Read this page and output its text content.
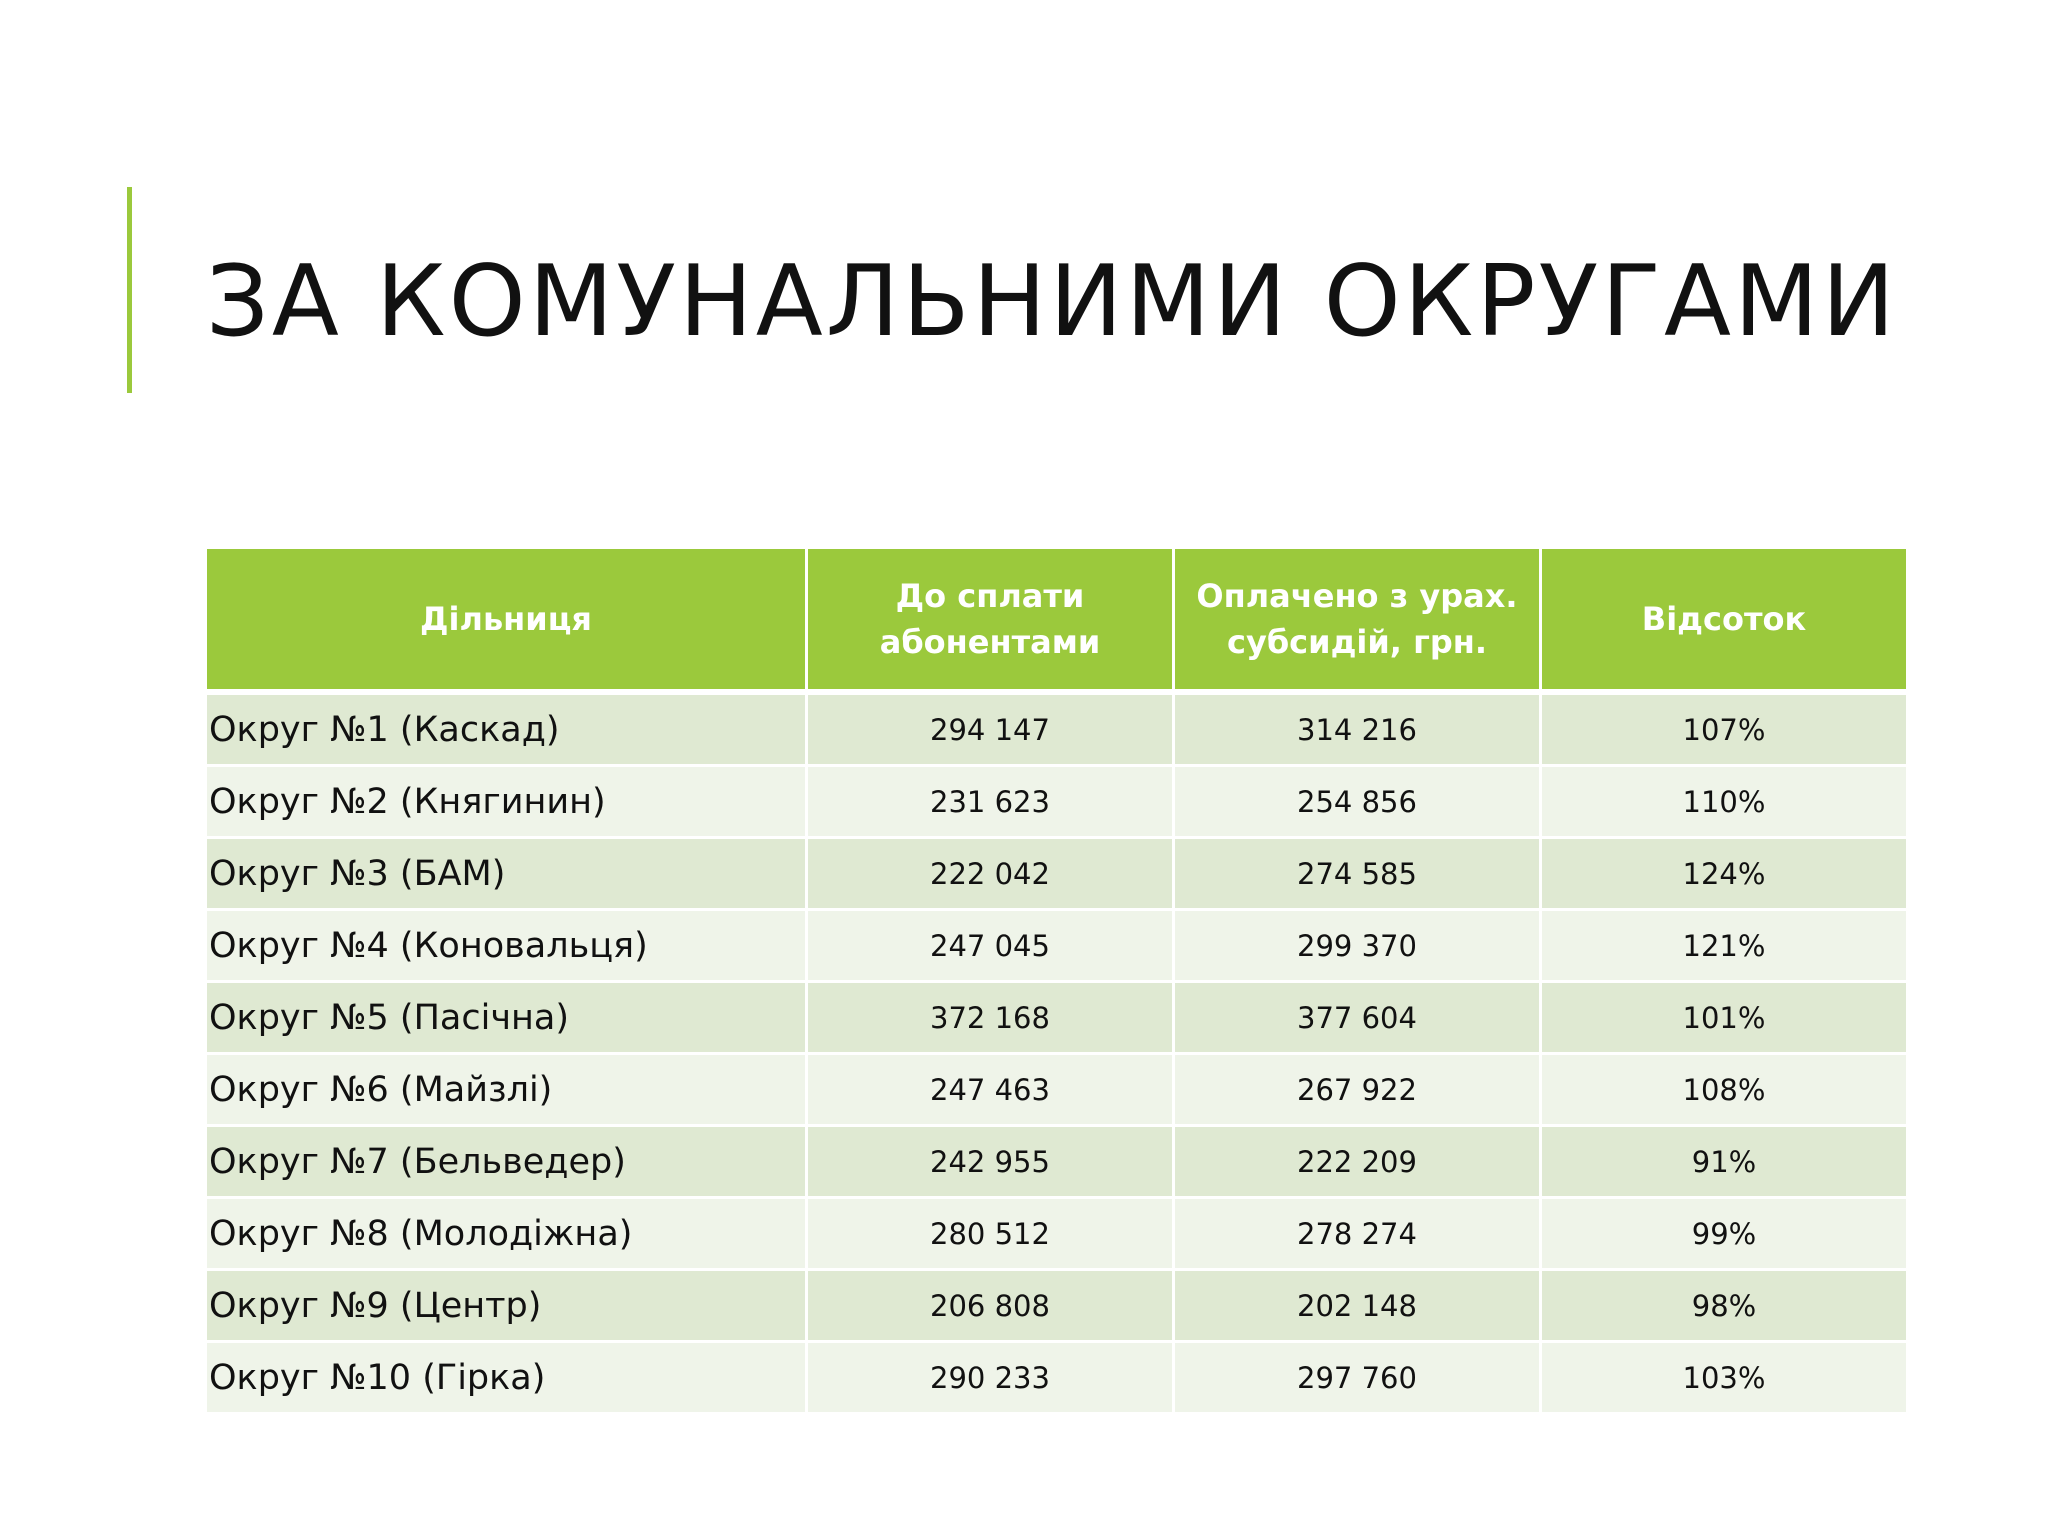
ЗА КОМУНАЛЬНИМИ ОКРУГАМИ
Дільниця	До сплати абонентами	Оплачено з урах. субсидій, грн.	Відсоток
Округ №1 (Каскад)	294 147	314 216	107%
Округ №2 (Княгинин)	231 623	254 856	110%
Округ №3 (БАМ)	222 042	274 585	124%
Округ №4 (Коновальця)	247 045	299 370	121%
Округ №5 (Пасічна)	372 168	377 604	101%
Округ №6 (Майзлі)	247 463	267 922	108%
Округ №7 (Бельведер)	242 955	222 209	91%
Округ №8 (Молодіжна)	280 512	278 274	99%
Округ №9 (Центр)	206 808	202 148	98%
Округ №10 (Гірка)	290 233	297 760	103%
